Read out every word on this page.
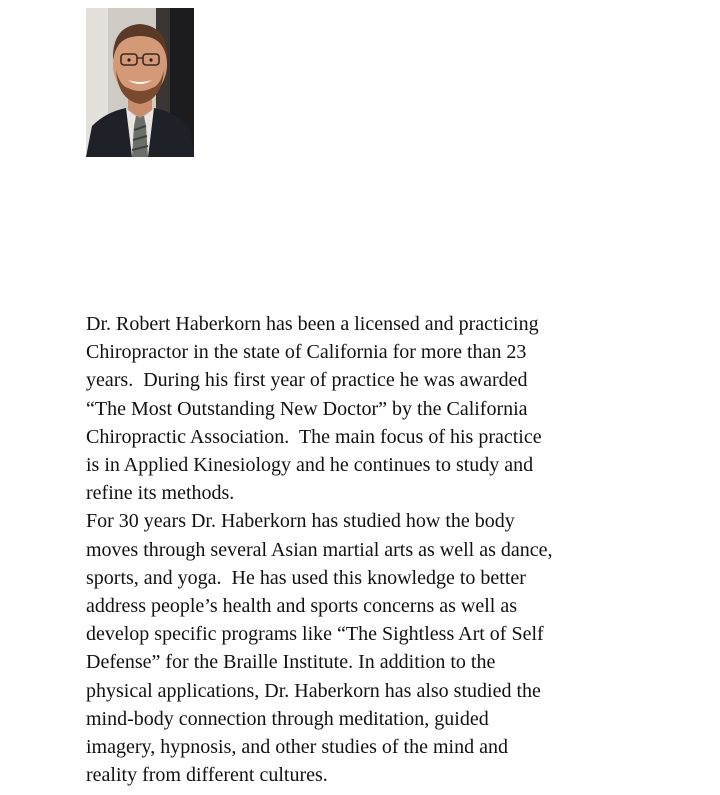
Dr. Robert Haberkorn has been a licensed and practicing
Chiropractor in the state of California for more than 23
years.  During his first year of practice he was awarded
“The Most Outstanding New Doctor” by the California
Chiropractic Association.  The main focus of his practice
is in Applied Kinesiology and he continues to study and
refine its methods.
For 30 years Dr. Haberkorn has studied how the body
moves through several Asian martial arts as well as dance,
sports, and yoga.  He has used this knowledge to better
address people’s health and sports concerns as well as
develop specific programs like “The Sightless Art of Self
Defense” for the Braille Institute. In addition to the
physical applications, Dr. Haberkorn has also studied the
mind-body connection through meditation, guided
imagery, hypnosis, and other studies of the mind and
reality from different cultures.
